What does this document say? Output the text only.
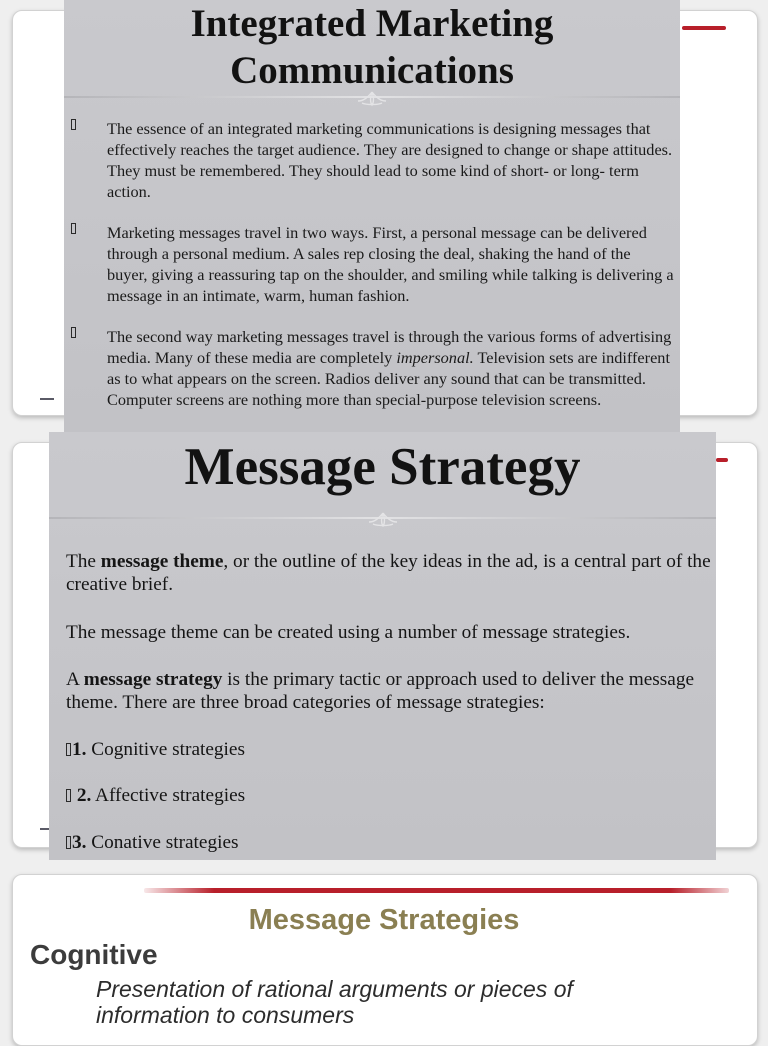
Integrated Marketing
Communications

The essence of an integrated marketing communications is designing messages that effectively reaches the target audience. They are designed to change or shape attitudes. They must be remembered. They should lead to some kind of short- or long- term action.

Marketing messages travel in two ways. First, a personal message can be delivered through a personal medium. A sales rep closing the deal, shaking the hand of the buyer, giving a reassuring tap on the shoulder, and smiling while talking is delivering a message in an intimate, warm, human fashion.

The second way marketing messages travel is through the various forms of advertising media. Many of these media are completely impersonal. Television sets are indifferent as to what appears on the screen. Radios deliver any sound that can be transmitted. Computer screens are nothing more than special-purpose television screens.

Message Strategy

The message theme, or the outline of the key ideas in the ad, is a central part of the creative brief.

The message theme can be created using a number of message strategies.

A message strategy is the primary tactic or approach used to deliver the message theme. There are three broad categories of message strategies:

1. Cognitive strategies

2. Affective strategies

3. Conative strategies

Message Strategies
Cognitive

Presentation of rational arguments or pieces of information to consumers
